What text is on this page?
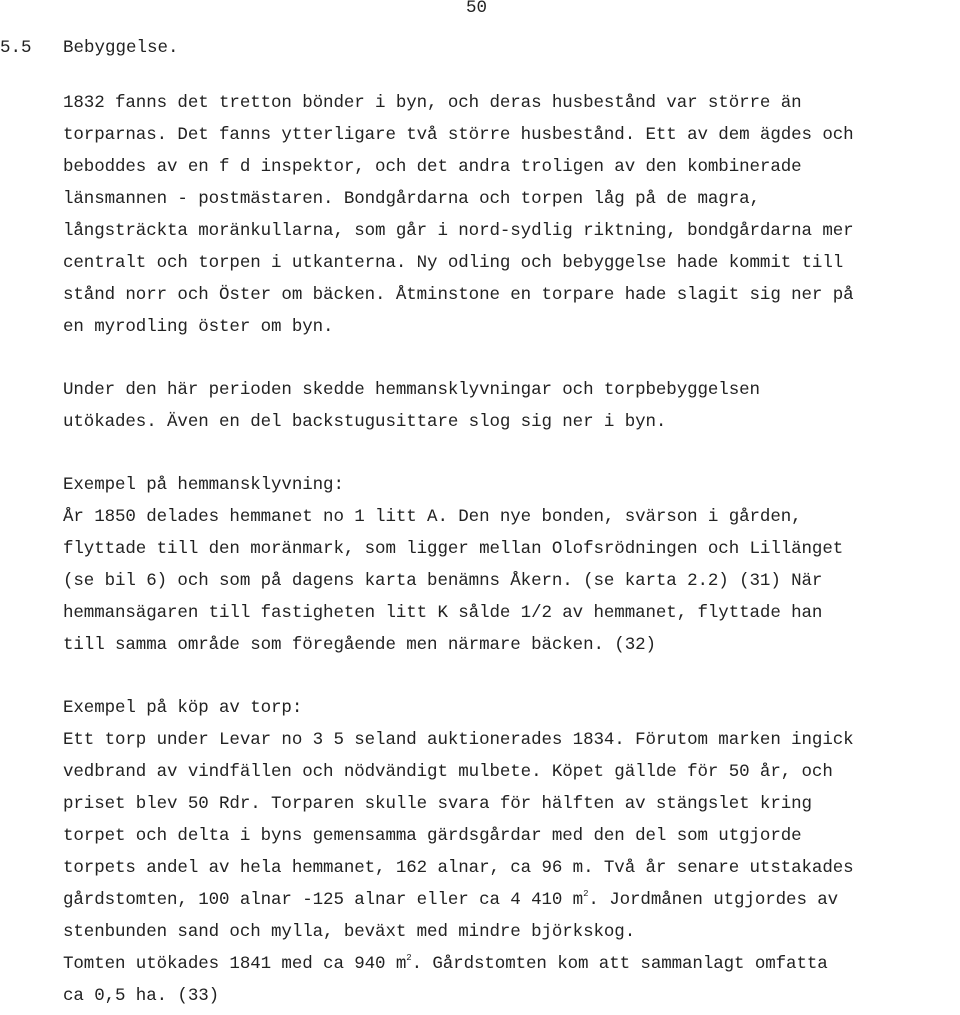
50
5.5 Bebyggelse.
1832 fanns det tretton bönder i byn, och deras husbestånd var större än
torparnas. Det fanns ytterligare två större husbestånd. Ett av dem ägdes och
beboddes av en f d inspektor, och det andra troligen av den kombinerade
länsmannen - postmästaren. Bondgårdarna och torpen låg på de magra,
långsträckta moränkullarna, som går i nord-sydlig riktning, bondgårdarna mer
centralt och torpen i utkanterna. Ny odling och bebyggelse hade kommit till
stånd norr och Öster om bäcken. Åtminstone en torpare hade slagit sig ner på
en myrodling öster om byn.
Under den här perioden skedde hemmansklyvningar och torpbebyggelsen
utökades. Även en del backstugusittare slog sig ner i byn.
Exempel på hemmansklyvning:
År 1850 delades hemmanet no 1 litt A. Den nye bonden, svärson i gården,
flyttade till den moränmark, som ligger mellan Olofsrödningen och Lillänget
(se bil 6) och som på dagens karta benämns Åkern. (se karta 2.2) (31) När
hemmansägaren till fastigheten litt K sålde 1/2 av hemmanet, flyttade han
till samma område som föregående men närmare bäcken. (32)
Exempel på köp av torp:
Ett torp under Levar no 3 5 seland auktionerades 1834. Förutom marken ingick
vedbrand av vindfällen och nödvändigt mulbete. Köpet gällde för 50 år, och
priset blev 50 Rdr. Torparen skulle svara för hälften av stängslet kring
torpet och delta i byns gemensamma gärdsgårdar med den del som utgjorde
torpets andel av hela hemmanet, 162 alnar, ca 96 m. Två år senare utstakades
gårdstomten, 100 alnar -125 alnar eller ca 4 410 $m^2$. Jordmånen utgjordes av
stenbunden sand och mylla, beväxt med mindre björkskog.
Tomten utökades 1841 med ca 940 $m^2$. Gårdstomten kom att sammanlagt omfatta
ca 0,5 ha. (33)
